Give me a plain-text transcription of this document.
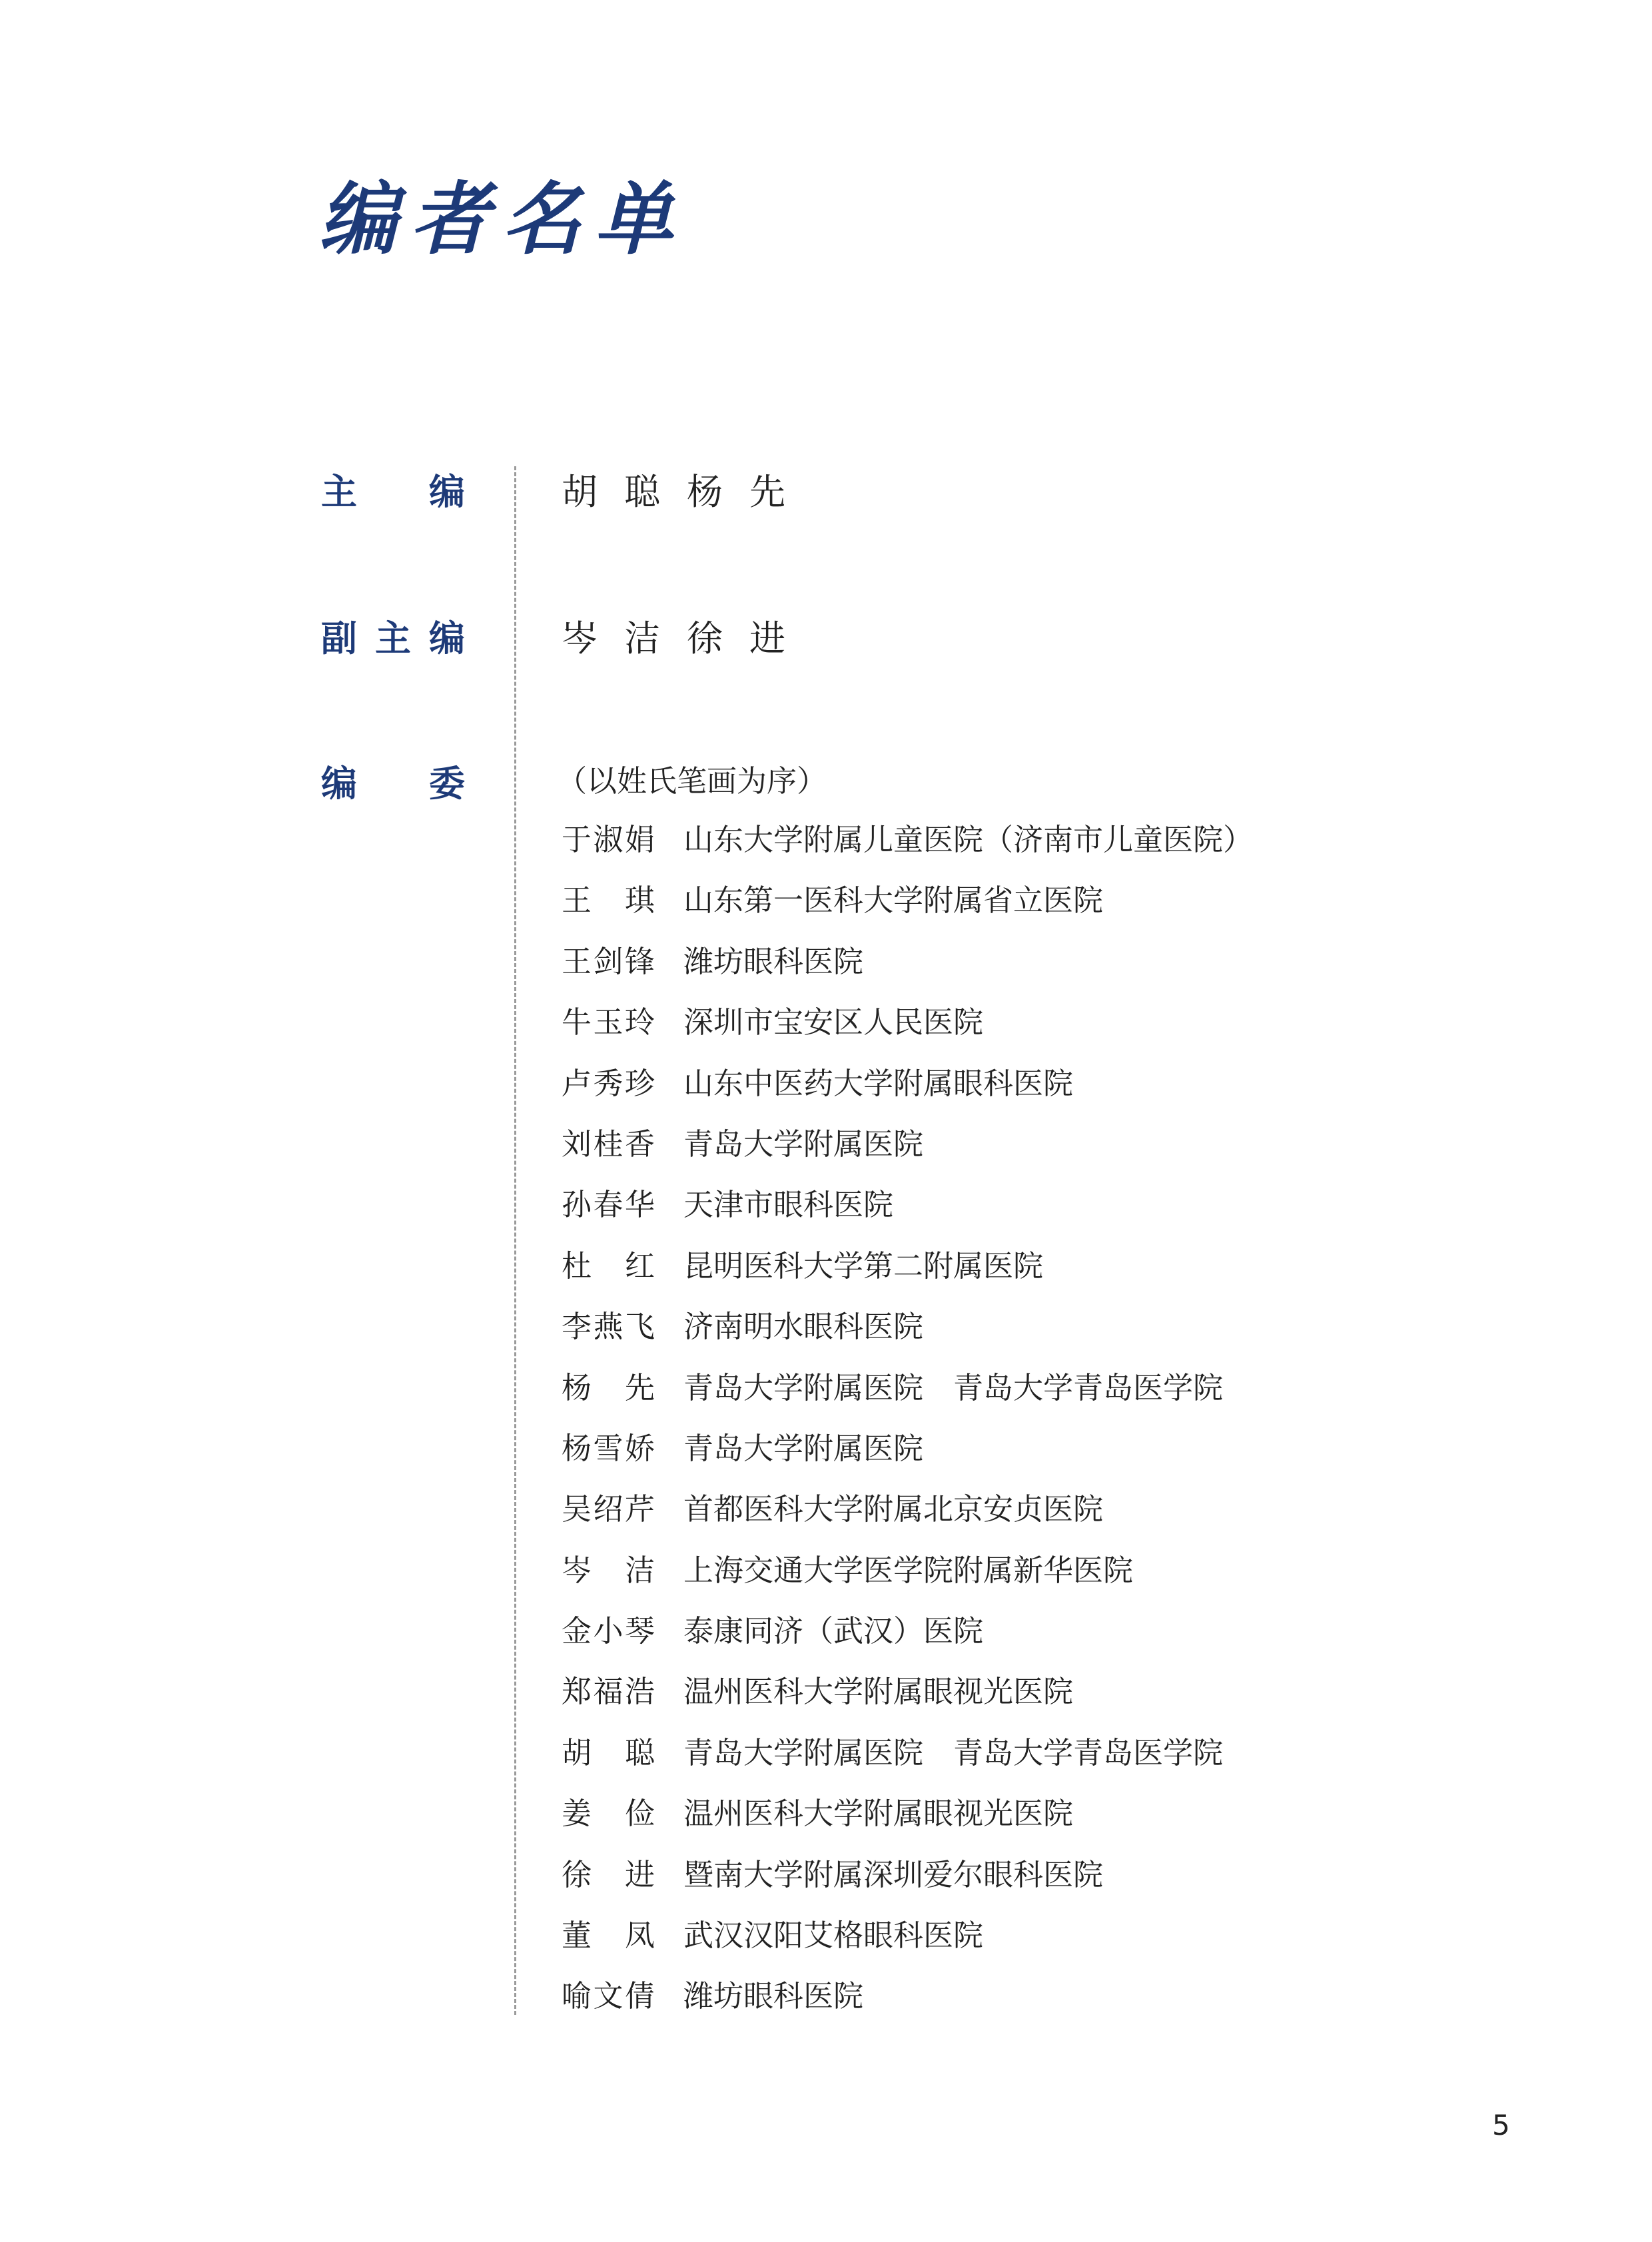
编者名单
主 编	胡 聪 杨 先
副 主 编	岑 洁 徐 进
编 委	（以姓氏笔画为序）
于 淑 娟 山东大学附属儿童医院（济南市儿童医院）
王 琪 山东第一医科大学附属省立医院
王 剑 锋 潍坊眼科医院
牛 玉 玲 深圳市宝安区人民医院
卢 秀 珍 山东中医药大学附属眼科医院
刘 桂 香 青岛大学附属医院
孙 春 华 天津市眼科医院
杜 红 昆明医科大学第二附属医院
李 燕 飞 济南明水眼科医院
杨 先 青岛大学附属医院　青岛大学青岛医学院
杨 雪 娇 青岛大学附属医院
吴 绍 芹 首都医科大学附属北京安贞医院
岑 洁 上海交通大学医学院附属新华医院
金 小 琴 泰康同济（武汉）医院
郑 福 浩 温州医科大学附属眼视光医院
胡 聪 青岛大学附属医院　青岛大学青岛医学院
姜 俭 温州医科大学附属眼视光医院
徐 进 暨南大学附属深圳爱尔眼科医院
董 凤 武汉汉阳艾格眼科医院
喻 文 倩 潍坊眼科医院
5
